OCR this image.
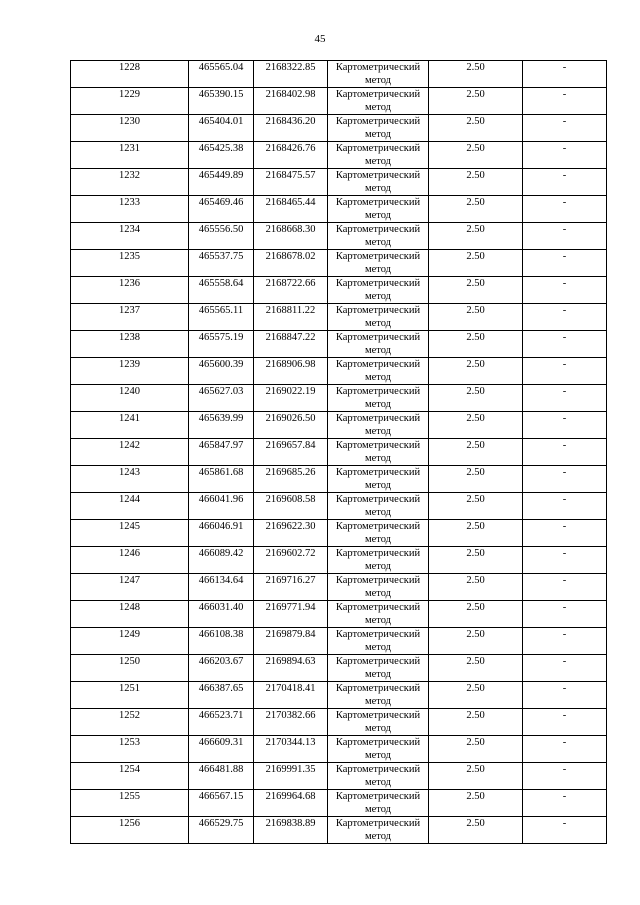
45
1228	465565.04	2168322.85	Картометрический
метод	2.50	-

1229	465390.15	2168402.98	Картометрический
метод	2.50	-

1230	465404.01	2168436.20	Картометрический
метод	2.50	-

1231	465425.38	2168426.76	Картометрический
метод	2.50	-

1232	465449.89	2168475.57	Картометрический
метод	2.50	-

1233	465469.46	2168465.44	Картометрический
метод	2.50	-

1234	465556.50	2168668.30	Картометрический
метод	2.50	-

1235	465537.75	2168678.02	Картометрический
метод	2.50	-

1236	465558.64	2168722.66	Картометрический
метод	2.50	-

1237	465565.11	2168811.22	Картометрический
метод	2.50	-

1238	465575.19	2168847.22	Картометрический
метод	2.50	-

1239	465600.39	2168906.98	Картометрический
метод	2.50	-

1240	465627.03	2169022.19	Картометрический
метод	2.50	-

1241	465639.99	2169026.50	Картометрический
метод	2.50	-

1242	465847.97	2169657.84	Картометрический
метод	2.50	-

1243	465861.68	2169685.26	Картометрический
метод	2.50	-

1244	466041.96	2169608.58	Картометрический
метод	2.50	-

1245	466046.91	2169622.30	Картометрический
метод	2.50	-

1246	466089.42	2169602.72	Картометрический
метод	2.50	-

1247	466134.64	2169716.27	Картометрический
метод	2.50	-

1248	466031.40	2169771.94	Картометрический
метод	2.50	-

1249	466108.38	2169879.84	Картометрический
метод	2.50	-

1250	466203.67	2169894.63	Картометрический
метод	2.50	-

1251	466387.65	2170418.41	Картометрический
метод	2.50	-

1252	466523.71	2170382.66	Картометрический
метод	2.50	-

1253	466609.31	2170344.13	Картометрический
метод	2.50	-

1254	466481.88	2169991.35	Картометрический
метод	2.50	-

1255	466567.15	2169964.68	Картометрический
метод	2.50	-

1256	466529.75	2169838.89	Картометрический
метод	2.50	-
